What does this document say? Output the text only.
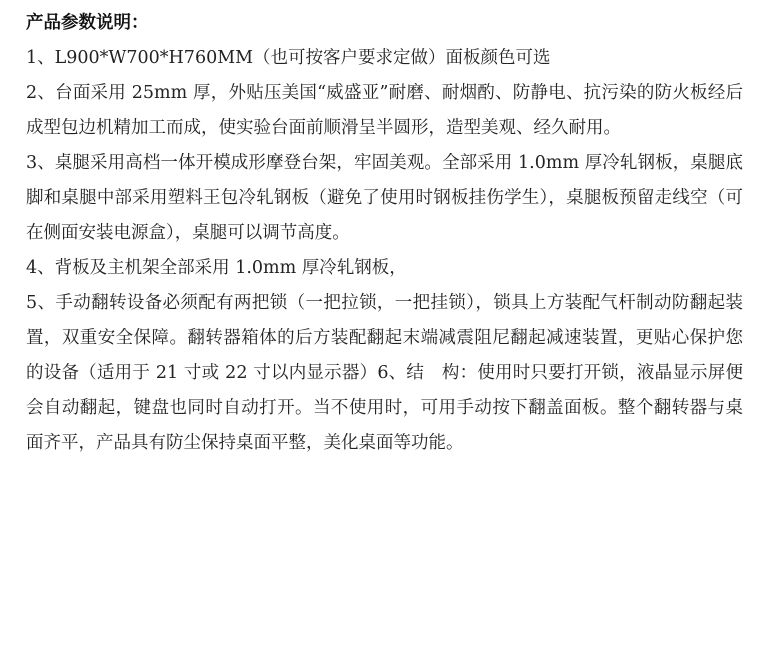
产品参数说明：

1、L900*W700*H760MM（也可按客户要求定做）面板颜色可选

2、台面采用 25mm 厚，外贴压美国“威盛亚”耐磨、耐烟酌、防静电、抗污染的防火板经后成型包边机精加工而成，使实验台面前顺滑呈半圆形，造型美观、经久耐用。

3、桌腿采用高档一体开模成形摩登台架，牢固美观。全部采用 1.0mm 厚冷轧钢板，桌腿底脚和桌腿中部采用塑料王包冷轧钢板（避免了使用时钢板挂伤学生），桌腿板预留走线空（可在侧面安装电源盒），桌腿可以调节高度。

4、背板及主机架全部采用 1.0mm 厚冷轧钢板，

5、手动翻转设备必须配有两把锁（一把拉锁，一把挂锁），锁具上方装配气杆制动防翻起装置，双重安全保障。翻转器箱体的后方装配翻起末端减震阻尼翻起减速装置，更贴心保护您的设备（适用于 21 寸或 22 寸以内显示器）6、结　构：使用时只要打开锁，液晶显示屏便会自动翻起，键盘也同时自动打开。当不使用时，可用手动按下翻盖面板。整个翻转器与桌面齐平，产品具有防尘保持桌面平整，美化桌面等功能。
